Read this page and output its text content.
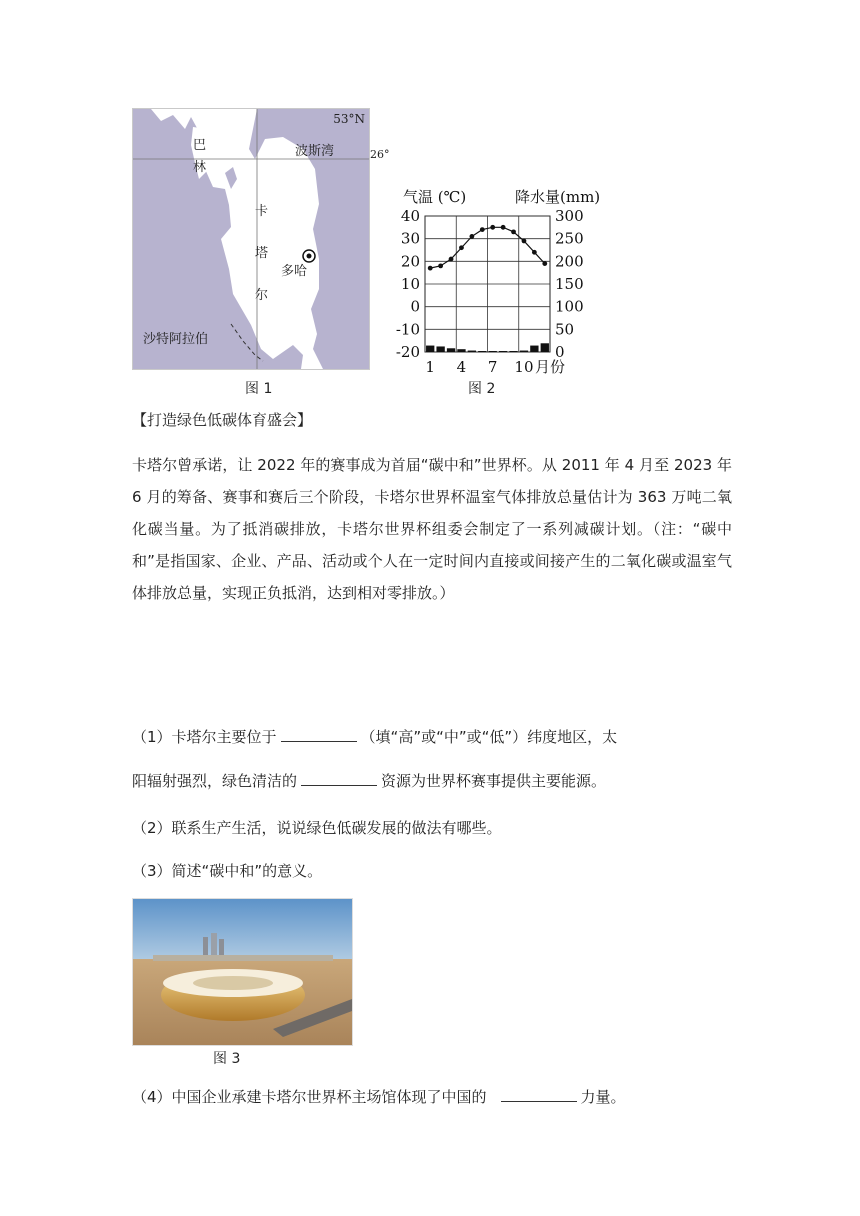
53°N
巴
林
波斯湾
卡
塔
尔
多哈
沙特阿拉伯
26°
图 1
气温 (℃)	降水量(mm)
40
30
20
10
0
-10
-20
300
250
200
150
100
50
0
1 4 7 10 月份
图 2
【打造绿色低碳体育盛会】
卡塔尔曾承诺，让 2022 年的赛事成为首届“碳中和”世界杯。从 2011 年 4 月至 2023 年 6 月的筹备、赛事和赛后三个阶段，卡塔尔世界杯温室气体排放总量估计为 363 万吨二氧化碳当量。为了抵消碳排放，卡塔尔世界杯组委会制定了一系列减碳计划。（注：“碳中和”是指国家、企业、产品、活动或个人在一定时间内直接或间接产生的二氧化碳或温室气体排放总量，实现正负抵消，达到相对零排放。）
（1）卡塔尔主要位于	（填“高”或“中”或“低”）纬度地区，太
阳辐射强烈，绿色清洁的	资源为世界杯赛事提供主要能源。
（2）联系生产生活，说说绿色低碳发展的做法有哪些。
（3）简述“碳中和”的意义。
图 3
（4）中国企业承建卡塔尔世界杯主场馆体现了中国的	力量。
